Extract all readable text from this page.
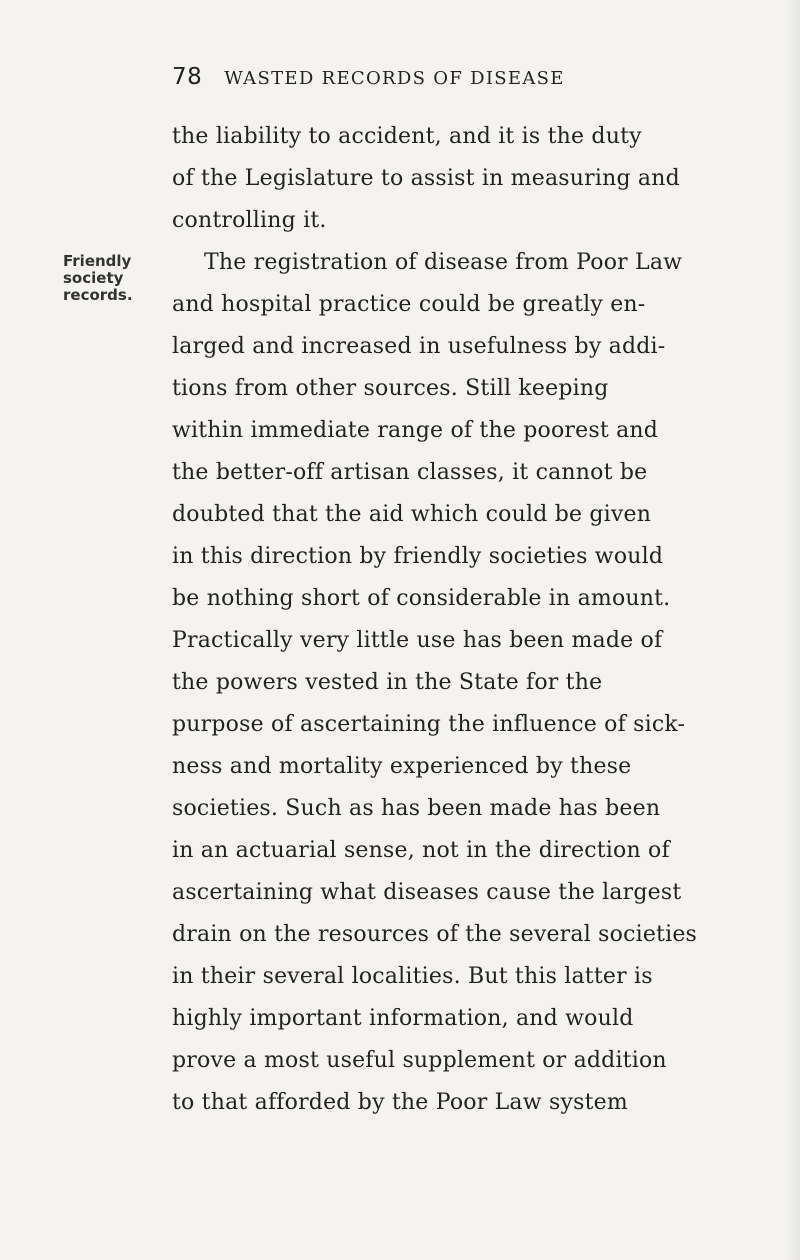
78 WASTED RECORDS OF DISEASE
Friendly
society
records.
the liability to accident, and it is the duty
of the Legislature to assist in measuring and
controlling it.
The registration of disease from Poor Law
and hospital practice could be greatly en-
larged and increased in usefulness by addi-
tions from other sources. Still keeping
within immediate range of the poorest and
the better-off artisan classes, it cannot be
doubted that the aid which could be given
in this direction by friendly societies would
be nothing short of considerable in amount.
Practically very little use has been made of
the powers vested in the State for the
purpose of ascertaining the influence of sick-
ness and mortality experienced by these
societies. Such as has been made has been
in an actuarial sense, not in the direction of
ascertaining what diseases cause the largest
drain on the resources of the several societies
in their several localities. But this latter is
highly important information, and would
prove a most useful supplement or addition
to that afforded by the Poor Law system
